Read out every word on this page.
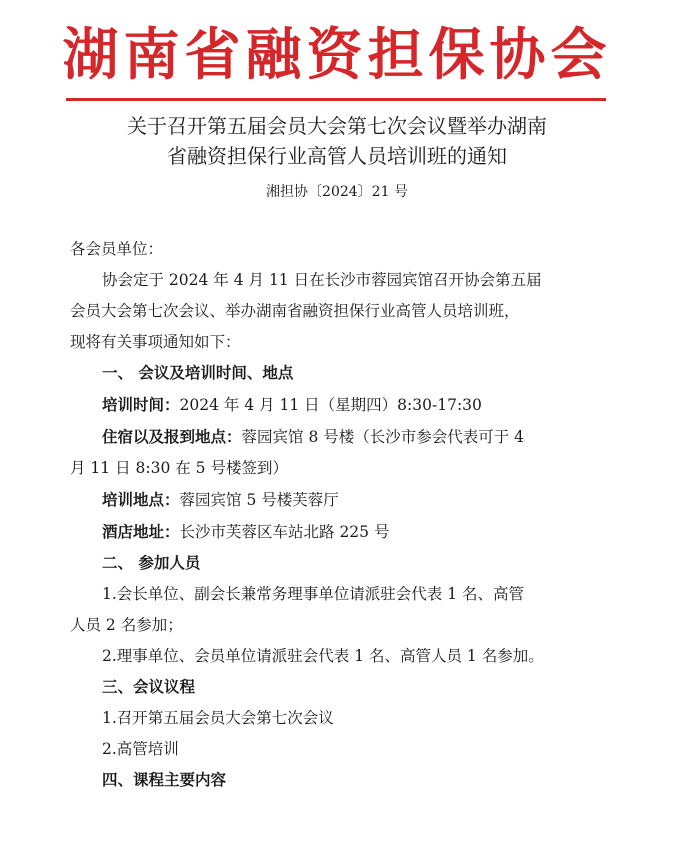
湖南省融资担保协会
关于召开第五届会员大会第七次会议暨举办湖南
省融资担保行业高管人员培训班的通知
湘担协〔2024〕21 号

各会员单位：

协会定于 2024 年 4 月 11 日在长沙市蓉园宾馆召开协会第五届

会员大会第七次会议、举办湖南省融资担保行业高管人员培训班，

现将有关事项通知如下：

一、 会议及培训时间、地点

培训时间：2024 年 4 月 11 日（星期四）8:30-17:30

住宿以及报到地点：蓉园宾馆 8 号楼（长沙市参会代表可于 4

月 11 日 8:30 在 5 号楼签到）

培训地点：蓉园宾馆 5 号楼芙蓉厅

酒店地址：长沙市芙蓉区车站北路 225 号

二、 参加人员

1.会长单位、副会长兼常务理事单位请派驻会代表 1 名、高管

人员 2 名参加；

2.理事单位、会员单位请派驻会代表 1 名、高管人员 1 名参加。

三、会议议程

1.召开第五届会员大会第七次会议

2.高管培训

四、课程主要内容
